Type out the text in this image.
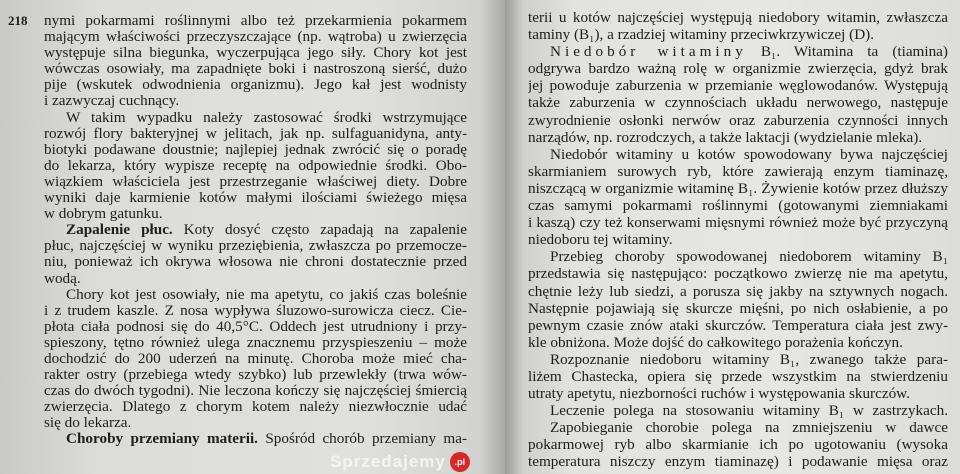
218 nymi pokarmami roślinnymi albo też przekarmienia pokarmem
mającym właściwości przeczyszczające (np. wątroba) u zwierzęcia
występuje silna biegunka, wyczerpująca jego siły. Chory kot jest
wówczas osowiały, ma zapadnięte boki i nastroszoną sierść, dużo
pije (wskutek odwodnienia organizmu). Jego kał jest wodnisty
i zazwyczaj cuchnący.
W takim wypadku należy zastosować środki wstrzymujące
rozwój flory bakteryjnej w jelitach, jak np. sulfaguanidyna, anty-
biotyki podawane doustnie; najlepiej jednak zwrócić się o poradę
do lekarza, który wypisze receptę na odpowiednie środki. Obo-
wiązkiem właściciela jest przestrzeganie właściwej diety. Dobre
wyniki daje karmienie kotów małymi ilościami świeżego mięsa
w dobrym gatunku.
Zapalenie płuc. Koty dosyć często zapadają na zapalenie
płuc, najczęściej w wyniku przeziębienia, zwłaszcza po przemocze-
niu, ponieważ ich okrywa włosowa nie chroni dostatecznie przed
wodą.
Chory kot jest osowiały, nie ma apetytu, co jakiś czas boleśnie
i z trudem kaszle. Z nosa wypływa śluzowo-surowicza ciecz. Cie-
płota ciała podnosi się do 40,5°C. Oddech jest utrudniony i przy-
spieszony, tętno również ulega znacznemu przyspieszeniu – może
dochodzić do 200 uderzeń na minutę. Choroba może mieć cha-
rakter ostry (przebiega wtedy szybko) lub przewlekły (trwa wów-
czas do dwóch tygodni). Nie leczona kończy się najczęściej śmiercią
zwierzęcia. Dlatego z chorym kotem należy niezwłocznie udać
się do lekarza.
Choroby przemiany materii. Spośród chorób przemiany ma-
Sprzedajemy .pl
terii u kotów najczęściej występują niedobory witamin, zwłaszcza
taminy (B₁), a rzadziej witaminy przeciwkrzywiczej (D).
Niedobór witaminy B₁. Witamina ta (tiamina)
odgrywa bardzo ważną rolę w organizmie zwierzęcia, gdyż brak
jej powoduje zaburzenia w przemianie węglowodanów. Występują
także zaburzenia w czynnościach układu nerwowego, następuje
zwyrodnienie osłonki nerwów oraz zaburzenia czynności innych
narządów, np. rozrodczych, a także laktacji (wydzielanie mleka).
Niedobór witaminy u kotów spowodowany bywa najczęściej
skarmianiem surowych ryb, które zawierają enzym tiaminazę,
niszczącą w organizmie witaminę B₁. Żywienie kotów przez dłuższy
czas samymi pokarmami roślinnymi (gotowanymi ziemniakami
i kaszą) czy też konserwami mięsnymi również może być przyczyną
niedoboru tej witaminy.
Przebieg choroby spowodowanej niedoborem witaminy B₁
przedstawia się następująco: początkowo zwierzę nie ma apetytu,
chętnie leży lub siedzi, a porusza się jakby na sztywnych nogach.
Następnie pojawiają się skurcze mięśni, po nich osłabienie, a po
pewnym czasie znów ataki skurczów. Temperatura ciała jest zwy-
kle obniżona. Może dojść do całkowitego porażenia kończyn.
Rozpoznanie niedoboru witaminy B₁, zwanego także para-
liżem Chastecka, opiera się przede wszystkim na stwierdzeniu
utraty apetytu, niezborności ruchów i występowania skurczów.
Leczenie polega na stosowaniu witaminy B₁ w zastrzykach.
Zapobieganie chorobie polega na zmniejszeniu w dawce
pokarmowej ryb albo skarmianie ich po ugotowaniu (wysoka
temperatura niszczy enzym tiaminazę) i podawanie mięsa oraz
